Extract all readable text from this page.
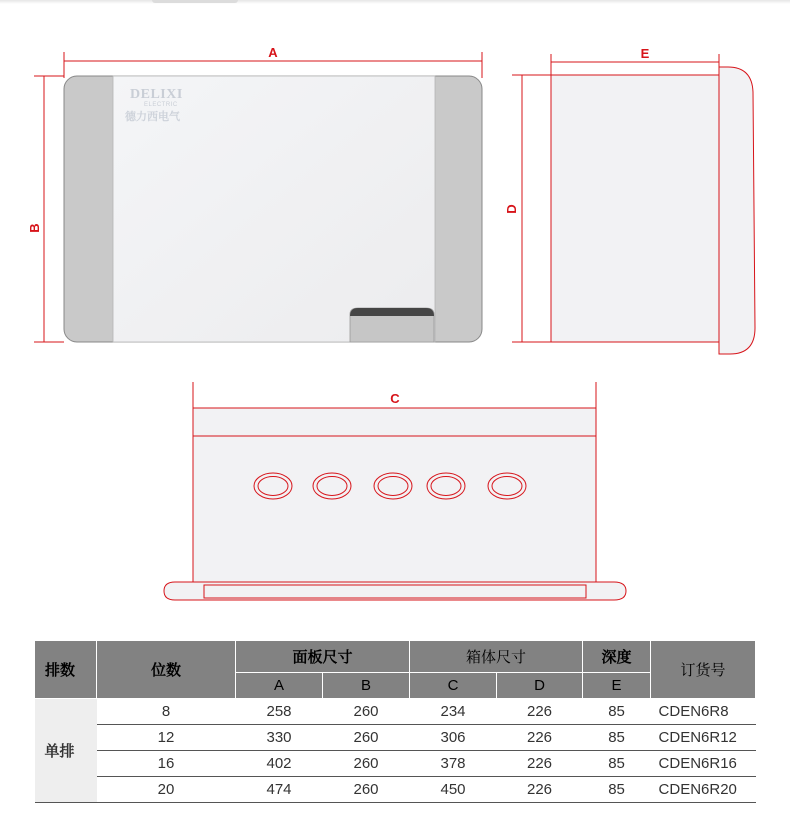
A
B
DELIXI
ELECTRIC
德力西电气
E
D
C
排数	位数	面板尺寸		箱体尺寸		深度	订货号
		A	B	C	D	E	
单排	8	258	260	234	226	85	CDEN6R8
	12	330	260	306	226	85	CDEN6R12
	16	402	260	378	226	85	CDEN6R16
	20	474	260	450	226	85	CDEN6R20
